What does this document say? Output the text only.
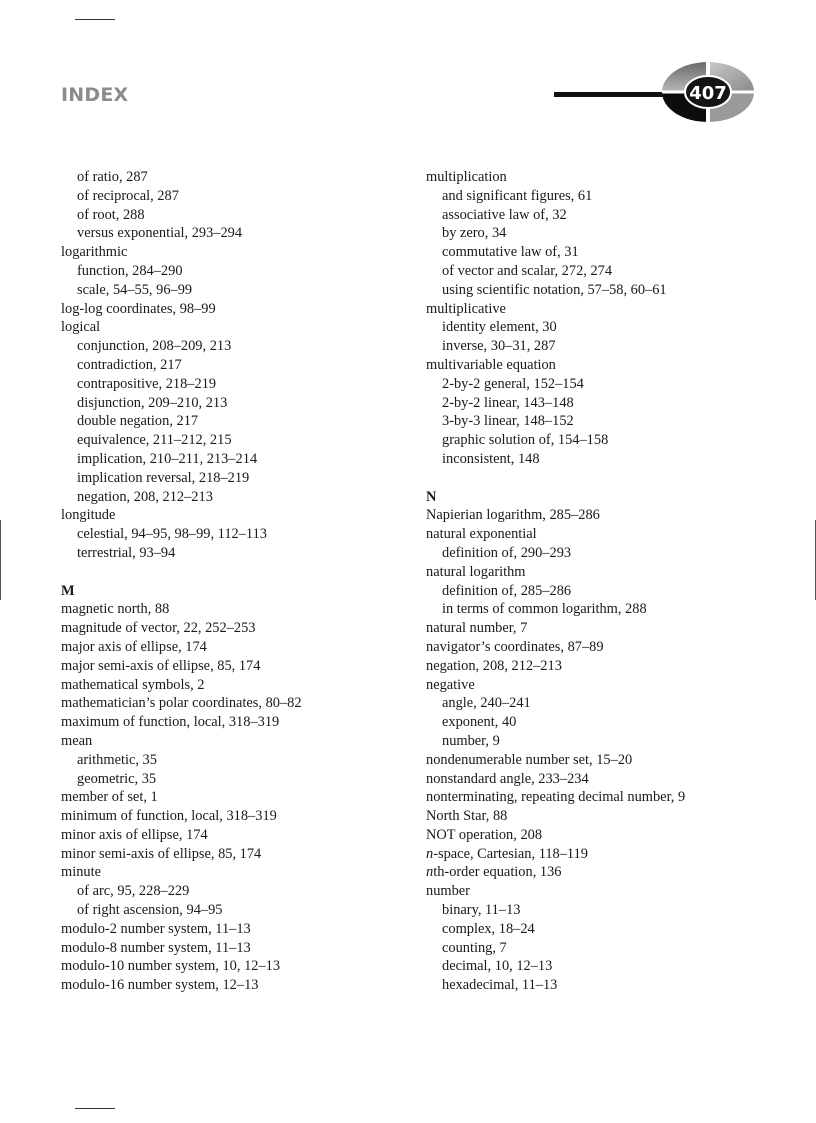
INDEX	407
of ratio, 287
of reciprocal, 287
of root, 288
versus exponential, 293–294
logarithmic
function, 284–290
scale, 54–55, 96–99
log-log coordinates, 98–99
logical
conjunction, 208–209, 213
contradiction, 217
contrapositive, 218–219
disjunction, 209–210, 213
double negation, 217
equivalence, 211–212, 215
implication, 210–211, 213–214
implication reversal, 218–219
negation, 208, 212–213
longitude
celestial, 94–95, 98–99, 112–113
terrestrial, 93–94
M
magnetic north, 88
magnitude of vector, 22, 252–253
major axis of ellipse, 174
major semi-axis of ellipse, 85, 174
mathematical symbols, 2
mathematician’s polar coordinates, 80–82
maximum of function, local, 318–319
mean
arithmetic, 35
geometric, 35
member of set, 1
minimum of function, local, 318–319
minor axis of ellipse, 174
minor semi-axis of ellipse, 85, 174
minute
of arc, 95, 228–229
of right ascension, 94–95
modulo-2 number system, 11–13
modulo-8 number system, 11–13
modulo-10 number system, 10, 12–13
modulo-16 number system, 12–13
multiplication
and significant figures, 61
associative law of, 32
by zero, 34
commutative law of, 31
of vector and scalar, 272, 274
using scientific notation, 57–58, 60–61
multiplicative
identity element, 30
inverse, 30–31, 287
multivariable equation
2-by-2 general, 152–154
2-by-2 linear, 143–148
3-by-3 linear, 148–152
graphic solution of, 154–158
inconsistent, 148
N
Napierian logarithm, 285–286
natural exponential
definition of, 290–293
natural logarithm
definition of, 285–286
in terms of common logarithm, 288
natural number, 7
navigator’s coordinates, 87–89
negation, 208, 212–213
negative
angle, 240–241
exponent, 40
number, 9
nondenumerable number set, 15–20
nonstandard angle, 233–234
nonterminating, repeating decimal number, 9
North Star, 88
NOT operation, 208
n-space, Cartesian, 118–119
nth-order equation, 136
number
binary, 11–13
complex, 18–24
counting, 7
decimal, 10, 12–13
hexadecimal, 11–13
